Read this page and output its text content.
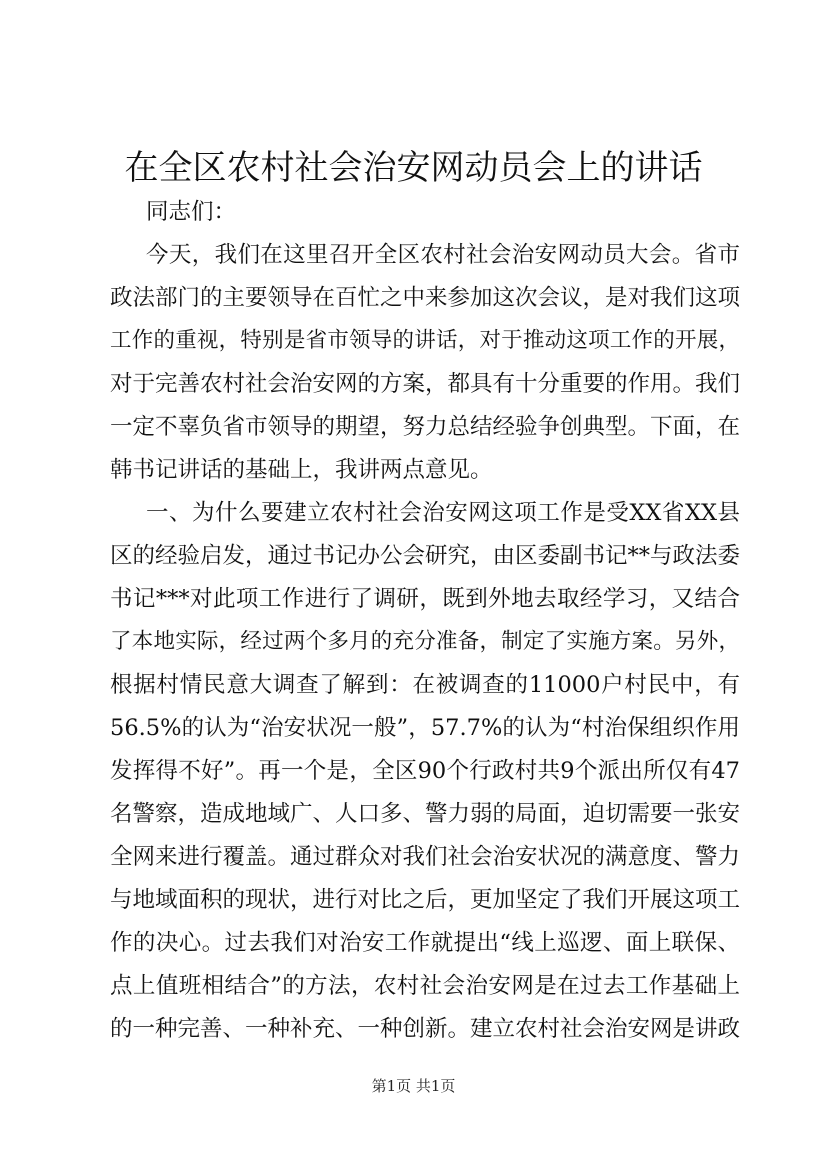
在全区农村社会治安网动员会上的讲话
同志们：
今天，我们在这里召开全区农村社会治安网动员大会。省市
政法部门的主要领导在百忙之中来参加这次会议，是对我们这项
工作的重视，特别是省市领导的讲话，对于推动这项工作的开展，
对于完善农村社会治安网的方案，都具有十分重要的作用。我们
一定不辜负省市领导的期望，努力总结经验争创典型。下面，在
韩书记讲话的基础上，我讲两点意见。
一、为什么要建立农村社会治安网这项工作是受XX省XX县
区的经验启发，通过书记办公会研究，由区委副书记**与政法委
书记***对此项工作进行了调研，既到外地去取经学习，又结合
了本地实际，经过两个多月的充分准备，制定了实施方案。另外，
根据村情民意大调查了解到：在被调查的11000户村民中，有
56.5%的认为“治安状况一般”，57.7%的认为“村治保组织作用
发挥得不好”。再一个是，全区90个行政村共9个派出所仅有47
名警察，造成地域广、人口多、警力弱的局面，迫切需要一张安
全网来进行覆盖。通过群众对我们社会治安状况的满意度、警力
与地域面积的现状，进行对比之后，更加坚定了我们开展这项工
作的决心。过去我们对治安工作就提出“线上巡逻、面上联保、
点上值班相结合”的方法，农村社会治安网是在过去工作基础上
的一种完善、一种补充、一种创新。建立农村社会治安网是讲政
第1页 共1页
